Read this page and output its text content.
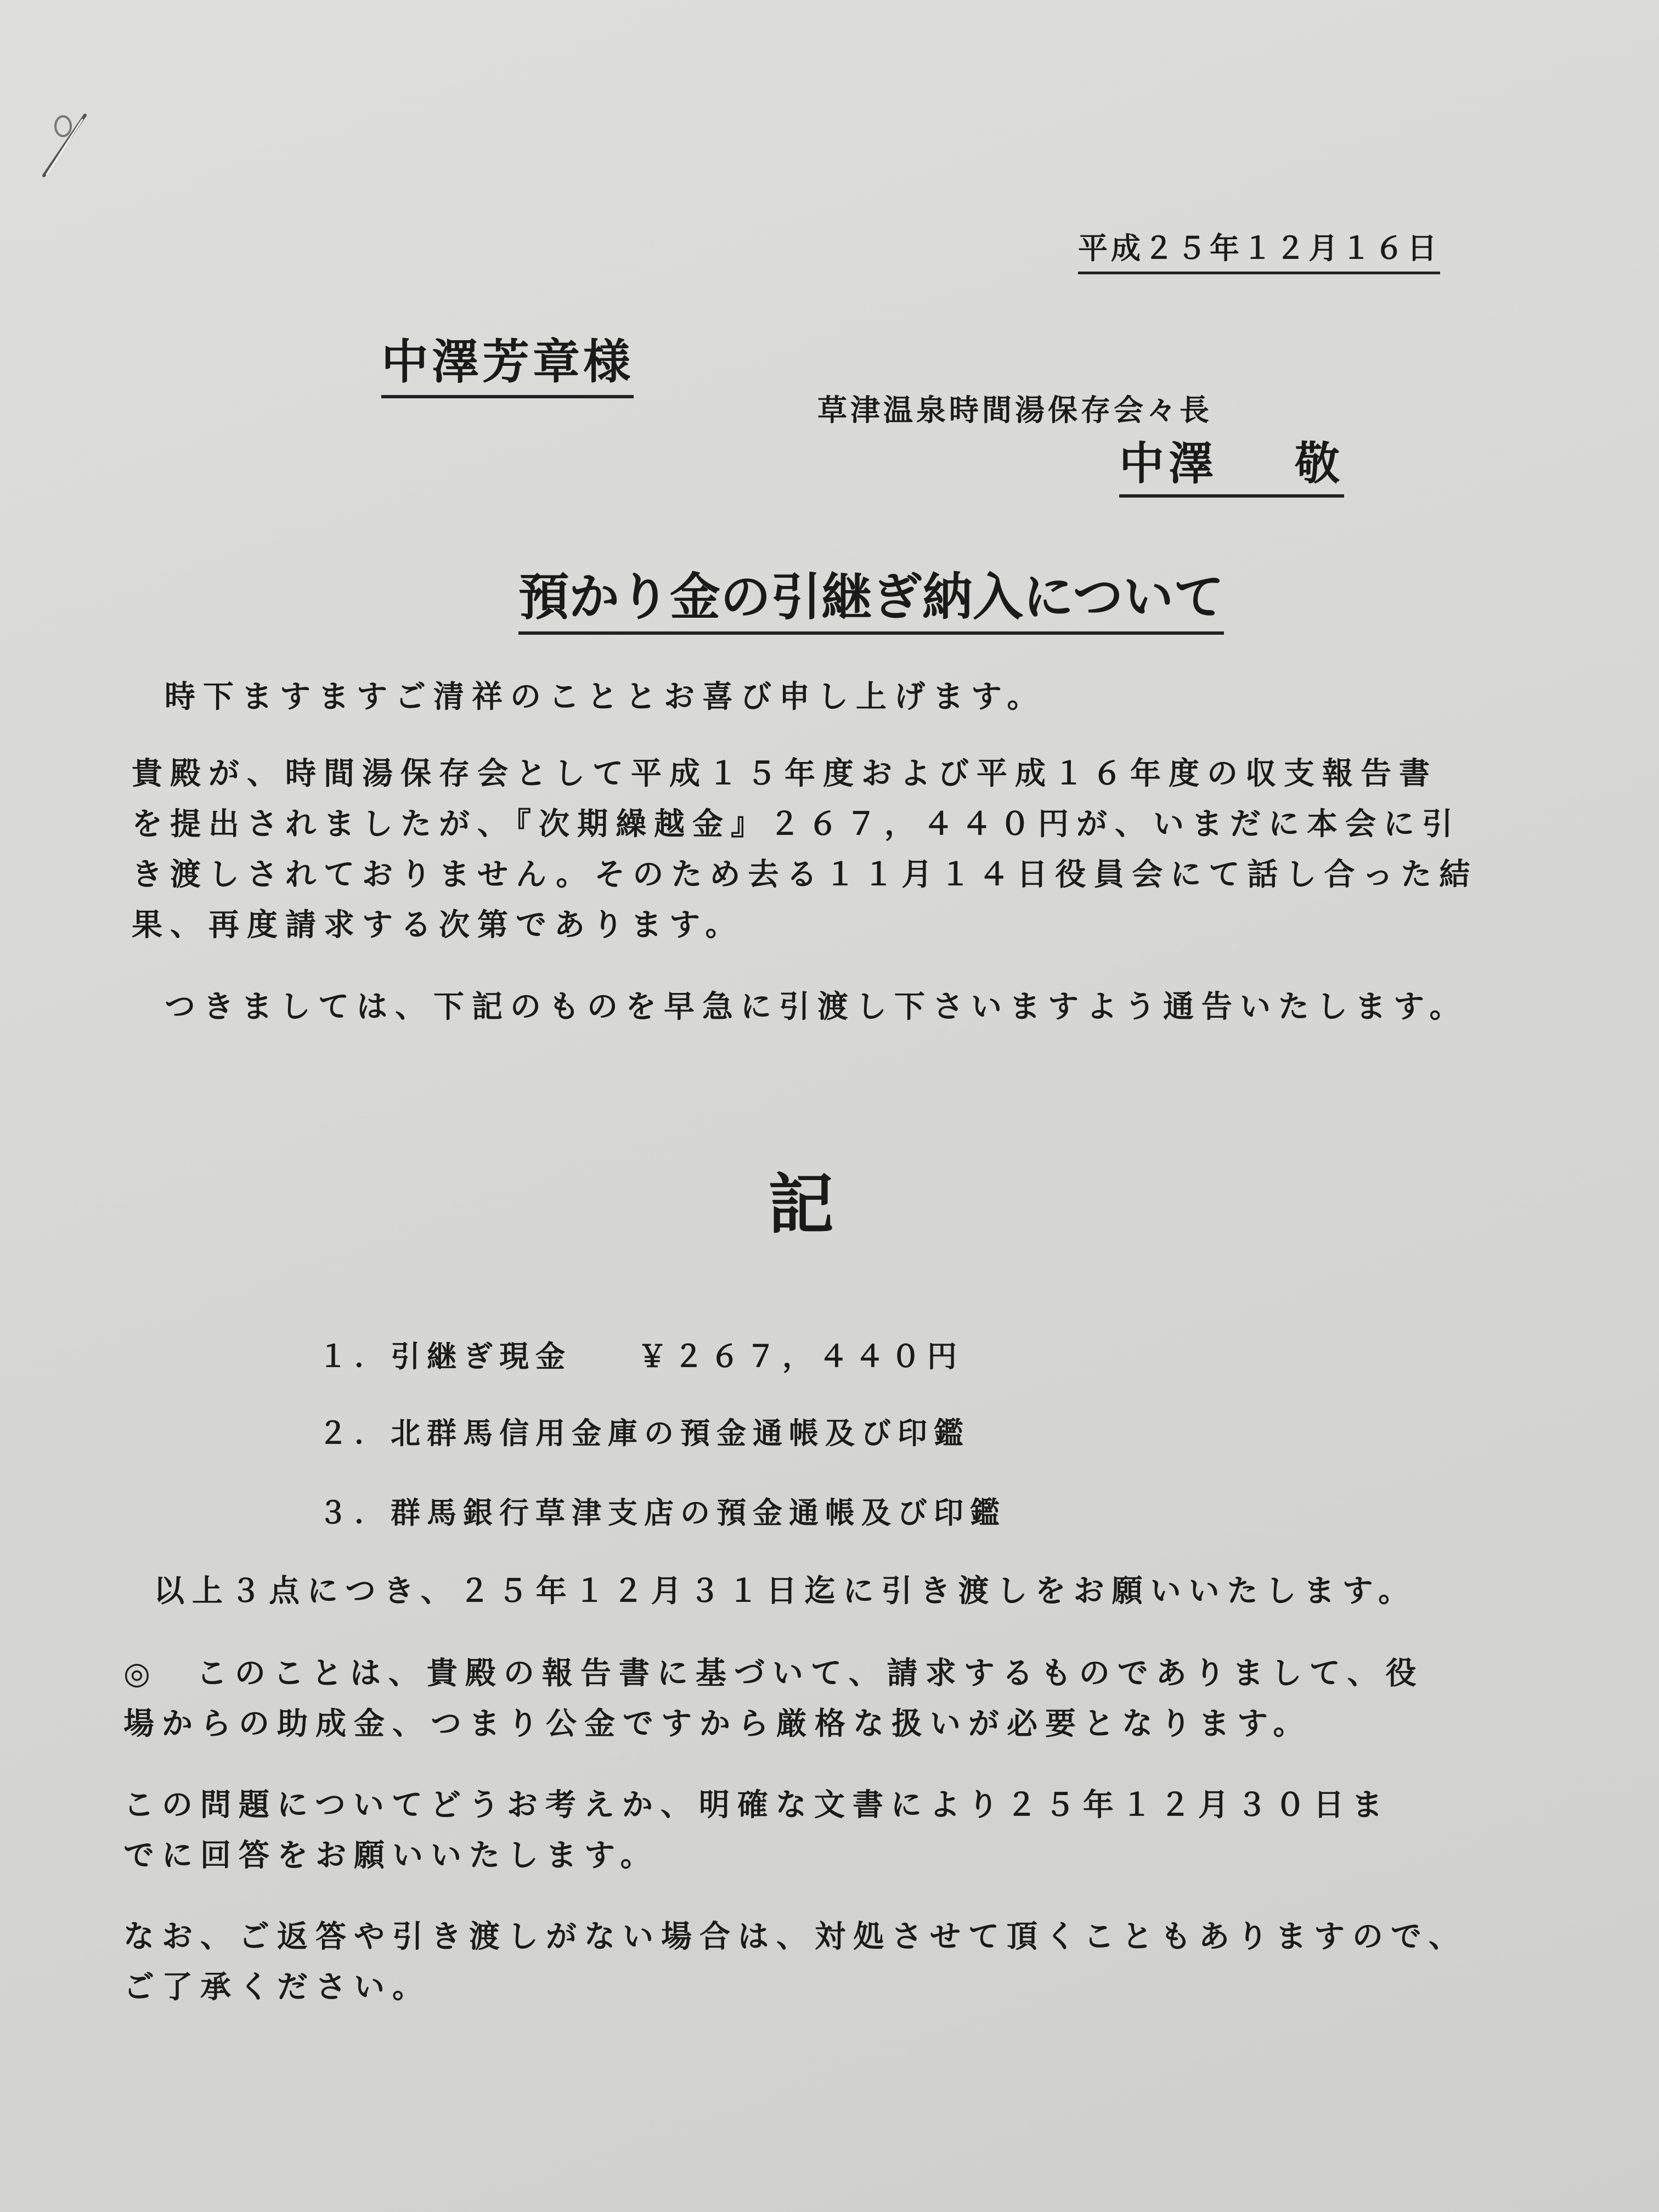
平成２５年１２月１６日
中澤芳章様
草津温泉時間湯保存会々長
中澤 敬
預かり金の引継ぎ納入について
時下ますますご清祥のこととお喜び申し上げます。
貴殿が、時間湯保存会として平成１５年度および平成１６年度の収支報告書
を提出されましたが、『次期繰越金』２６７，４４０円が、いまだに本会に引
き渡しされておりません。そのため去る１１月１４日役員会にて話し合った結
果、再度請求する次第であります。
つきましては、下記のものを早急に引渡し下さいますよう通告いたします。
記
１．引継ぎ現金 ￥２６７，４４０円
２．北群馬信用金庫の預金通帳及び印鑑
３．群馬銀行草津支店の預金通帳及び印鑑
以上３点につき、２５年１２月３１日迄に引き渡しをお願いいたします。
◎　このことは、貴殿の報告書に基づいて、請求するものでありまして、役
場からの助成金、つまり公金ですから厳格な扱いが必要となります。
この問題についてどうお考えか、明確な文書により２５年１２月３０日ま
でに回答をお願いいたします。
なお、ご返答や引き渡しがない場合は、対処させて頂くこともありますので、
ご了承ください。
